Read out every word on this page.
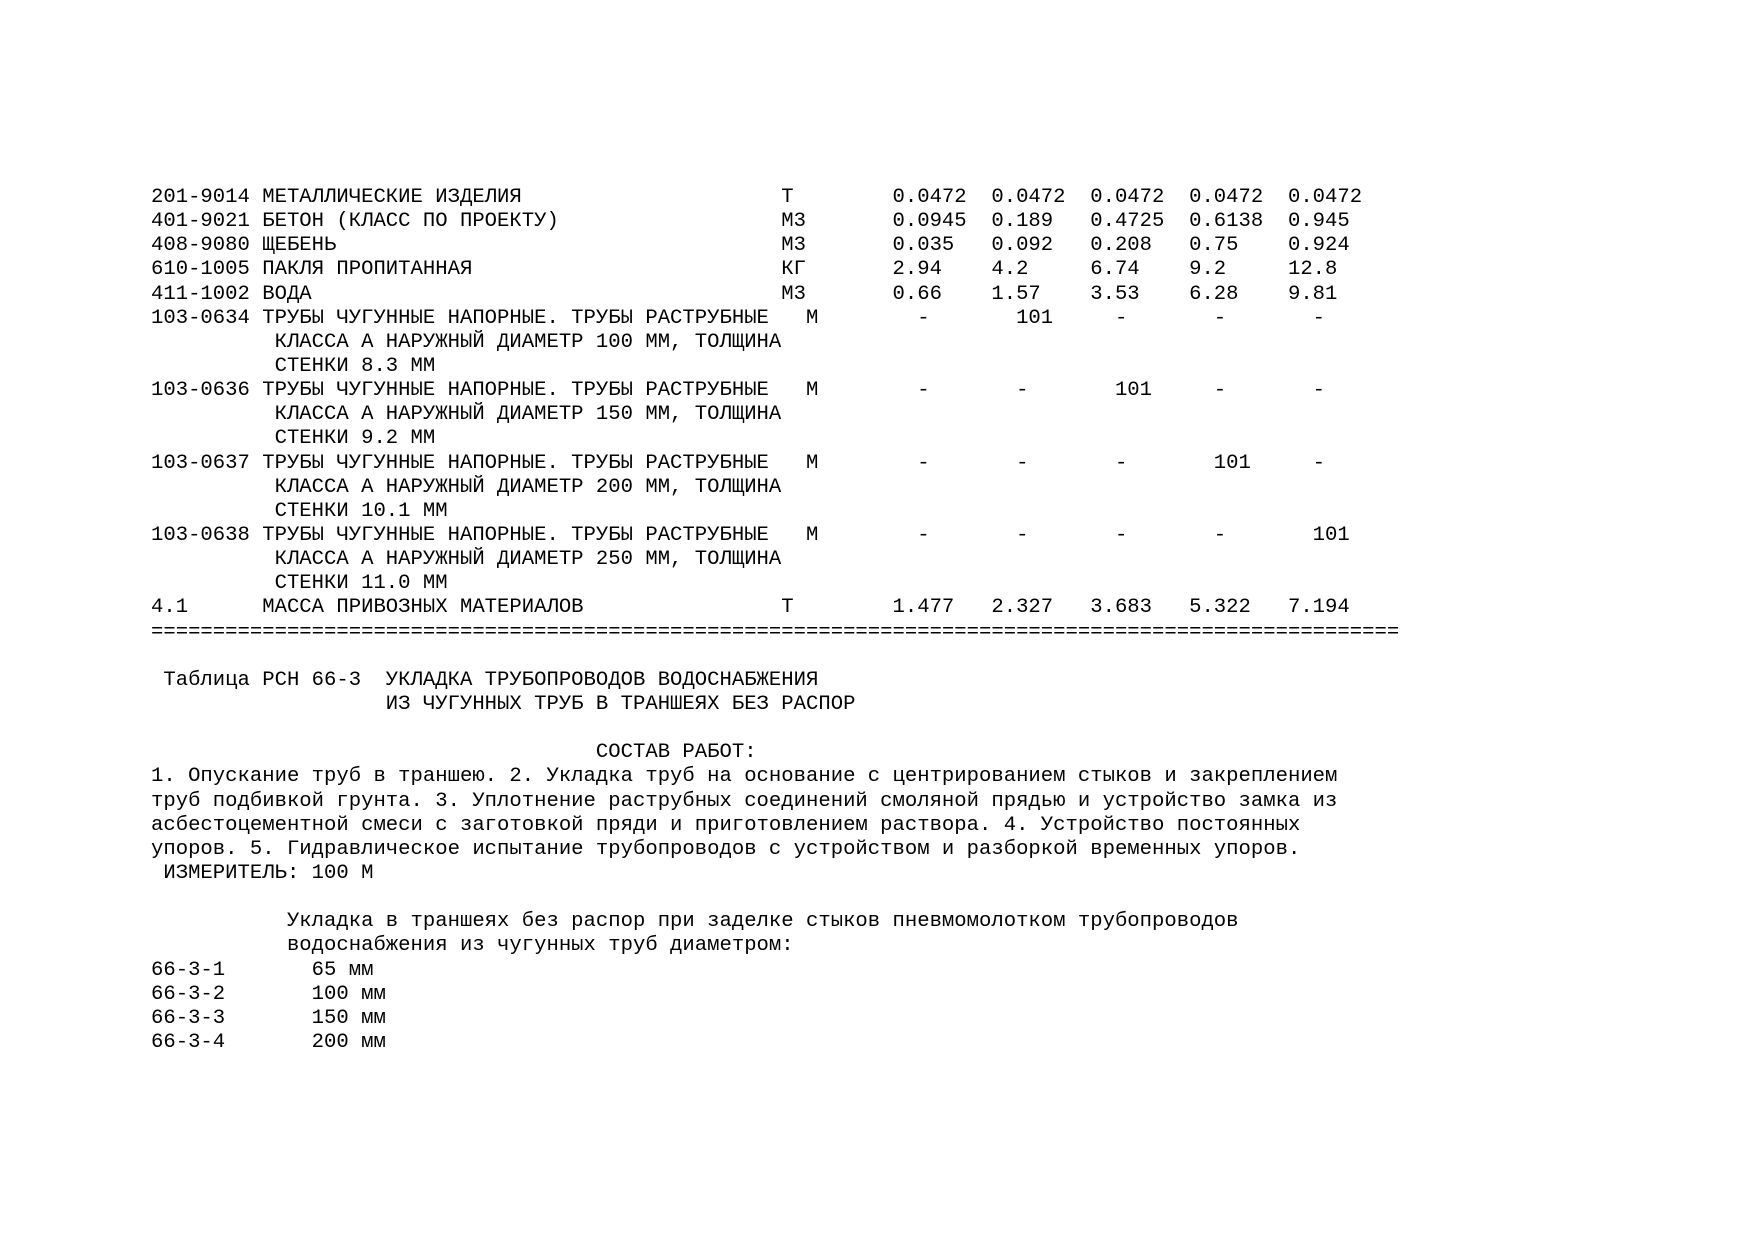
201-9014 МЕТАЛЛИЧЕСКИЕ ИЗДЕЛИЯ                     Т        0.0472  0.0472  0.0472  0.0472  0.0472
401-9021 БЕТОН (КЛАСС ПО ПРОЕКТУ)                  М3       0.0945  0.189   0.4725  0.6138  0.945
408-9080 ЩЕБЕНЬ                                    М3       0.035   0.092   0.208   0.75    0.924
610-1005 ПАКЛЯ ПРОПИТАННАЯ                         КГ       2.94    4.2     6.74    9.2     12.8
411-1002 ВОДА                                      М3       0.66    1.57    3.53    6.28    9.81
103-0634 ТРУБЫ ЧУГУННЫЕ НАПОРНЫЕ. ТРУБЫ РАСТРУБНЫЕ   М        -       101     -       -       -
КЛАССА А НАРУЖНЫЙ ДИАМЕТР 100 ММ, ТОЛЩИНА
СТЕНКИ 8.3 ММ
103-0636 ТРУБЫ ЧУГУННЫЕ НАПОРНЫЕ. ТРУБЫ РАСТРУБНЫЕ   М        -       -       101     -       -
КЛАССА А НАРУЖНЫЙ ДИАМЕТР 150 ММ, ТОЛЩИНА
СТЕНКИ 9.2 ММ
103-0637 ТРУБЫ ЧУГУННЫЕ НАПОРНЫЕ. ТРУБЫ РАСТРУБНЫЕ   М        -       -       -       101     -
КЛАССА А НАРУЖНЫЙ ДИАМЕТР 200 ММ, ТОЛЩИНА
СТЕНКИ 10.1 ММ
103-0638 ТРУБЫ ЧУГУННЫЕ НАПОРНЫЕ. ТРУБЫ РАСТРУБНЫЕ   М        -       -       -       -       101
КЛАССА А НАРУЖНЫЙ ДИАМЕТР 250 ММ, ТОЛЩИНА
СТЕНКИ 11.0 ММ
4.1      МАССА ПРИВОЗНЫХ МАТЕРИАЛОВ                Т        1.477   2.327   3.683   5.322   7.194
=====================================================================================================
Таблица РСН 66-3  УКЛАДКА ТРУБОПРОВОДОВ ВОДОСНАБЖЕНИЯ
ИЗ ЧУГУННЫХ ТРУБ В ТРАНШЕЯХ БЕЗ РАСПОР
СОСТАВ РАБОТ:
1. Опускание труб в траншею. 2. Укладка труб на основание с центрированием стыков и закреплением
труб подбивкой грунта. 3. Уплотнение раструбных соединений смоляной прядью и устройство замка из
асбестоцементной смеси с заготовкой пряди и приготовлением раствора. 4. Устройство постоянных
упоров. 5. Гидравлическое испытание трубопроводов с устройством и разборкой временных упоров.
ИЗМЕРИТЕЛЬ: 100 М
Укладка в траншеях без распор при заделке стыков пневмомолотком трубопроводов
водоснабжения из чугунных труб диаметром:
66-3-1       65 мм
66-3-2       100 мм
66-3-3       150 мм
66-3-4       200 мм
